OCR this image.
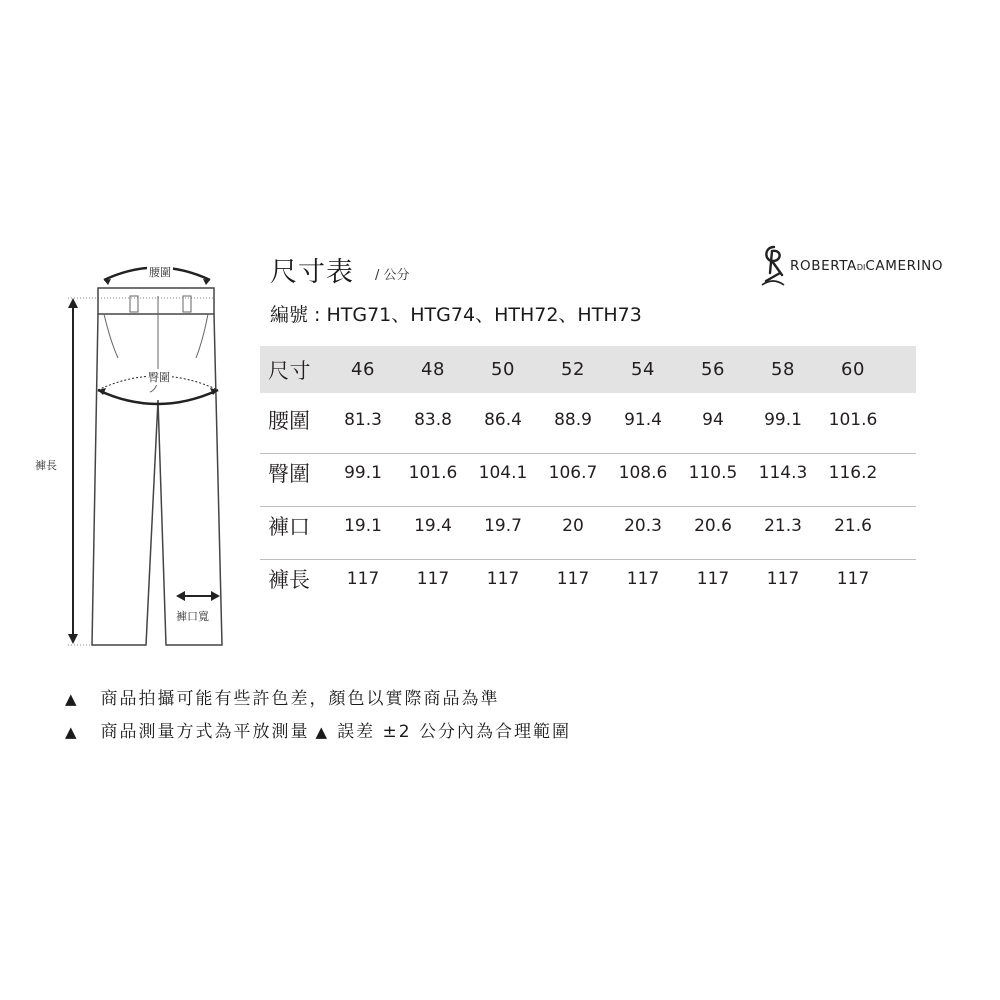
腰圍
臀圍
褲長
褲口寬
尺寸表 / 公分
編號 : HTG71、HTG74、HTH72、HTH73
ROBERTADICAMERINO
尺寸	46	48	50	52	54	56	58	60
腰圍	81.3	83.8	86.4	88.9	91.4	94	99.1	101.6
臀圍	99.1	101.6	104.1	106.7	108.6	110.5	114.3	116.2
褲口	19.1	19.4	19.7	20	20.3	20.6	21.3	21.6
褲長	117	117	117	117	117	117	117	117
▲ 商品拍攝可能有些許色差，顏色以實際商品為準
▲ 商品測量方式為平放測量 ▲ 誤差 ±2 公分內為合理範圍
